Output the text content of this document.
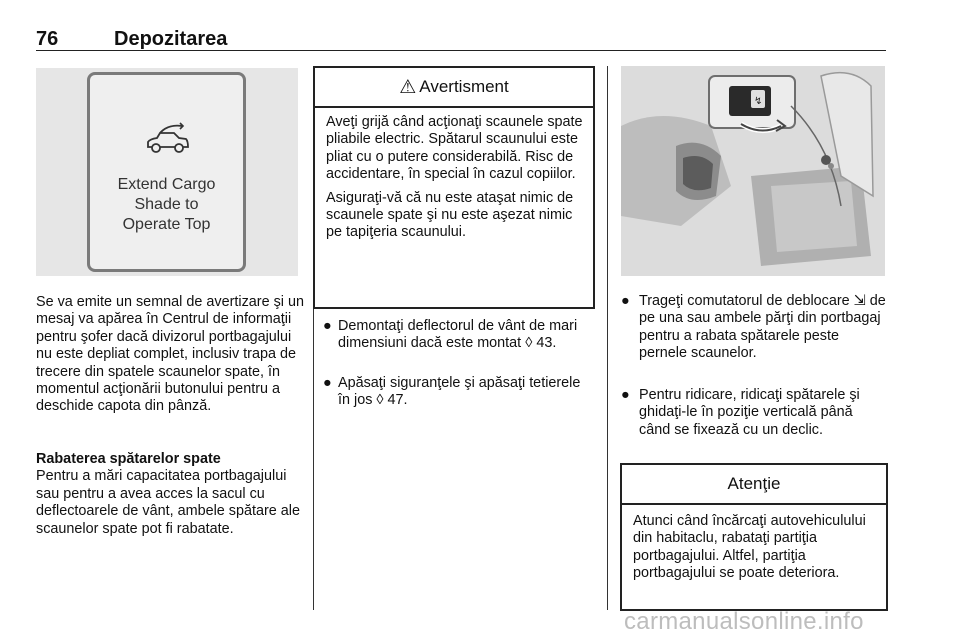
76	Depozitarea
Extend Cargo
Shade to
Operate Top

Se va emite un semnal de avertizare şi un mesaj va apărea în Centrul de informaţii pentru şofer dacă divizorul portbagajului nu este depliat complet, inclusiv trapa de trecere din spatele scaunelor spate, în momentul acţionării butonului pentru a deschide capota din pânză.

Rabaterea spătarelor spate

Pentru a mări capacitatea portbagajului sau pentru a avea acces la sacul cu deflectoarele de vânt, ambele spătare ale scaunelor spate pot fi rabatate.

⚠ Avertisment

Aveţi grijă când acţionaţi scaunele spate pliabile electric. Spătarul scaunului este pliat cu o putere considerabilă. Risc de accidentare, în special în cazul copiilor.

Asiguraţi-vă că nu este ataşat nimic de scaunele spate şi nu este aşezat nimic pe tapiţeria scaunului.

● Demontaţi deflectorul de vânt de mari dimensiuni dacă este montat ◊ 43.
● Apăsaţi siguranţele şi apăsaţi tetierele în jos ◊ 47.
↯
● Trageţi comutatorul de deblocare ⇲ de pe una sau ambele părţi din portbagaj pentru a rabata spătarele peste pernele scaunelor.
● Pentru ridicare, ridicaţi spătarele şi ghidaţi-le în poziţie verticală până când se fixează cu un declic.
Atenţie
Atunci când încărcaţi autovehiculului din habitaclu, rabataţi partiţia portbagajului. Altfel, partiţia portbagajului se poate deteriora.
carmanualsonline.info
